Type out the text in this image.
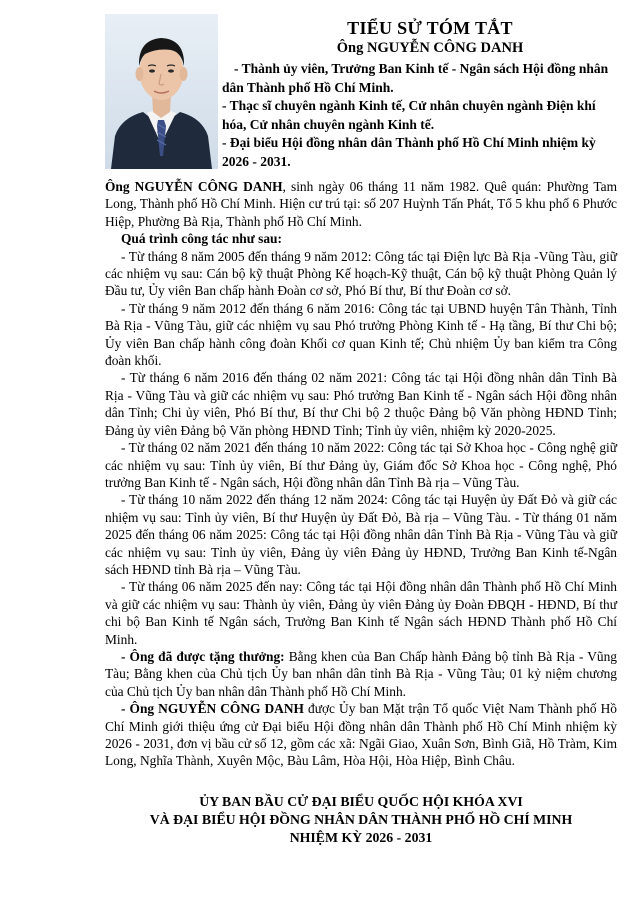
TIỂU SỬ TÓM TẮT
Ông NGUYỄN CÔNG DANH

- Thành ủy viên, Trưởng Ban Kinh tế - Ngân sách Hội đồng nhân dân Thành phố Hồ Chí Minh.

- Thạc sĩ chuyên ngành Kinh tế, Cử nhân chuyên ngành Điện khí hóa, Cử nhân chuyên ngành Kinh tế.

- Đại biểu Hội đồng nhân dân Thành phố Hồ Chí Minh nhiệm kỳ 2026 - 2031.

Ông NGUYỄN CÔNG DANH, sinh ngày 06 tháng 11 năm 1982. Quê quán: Phường Tam Long, Thành phố Hồ Chí Minh. Hiện cư trú tại: số 207 Huỳnh Tấn Phát, Tổ 5 khu phố 6 Phước Hiệp, Phường Bà Rịa, Thành phố Hồ Chí Minh.

Quá trình công tác như sau:

- Từ tháng 8 năm 2005 đến tháng 9 năm 2012: Công tác tại Điện lực Bà Rịa -Vũng Tàu, giữ các nhiệm vụ sau: Cán bộ kỹ thuật Phòng Kế hoạch-Kỹ thuật, Cán bộ kỹ thuật Phòng Quản lý Đầu tư, Ủy viên Ban chấp hành Đoàn cơ sở, Phó Bí thư, Bí thư Đoàn cơ sở.

- Từ tháng 9 năm 2012 đến tháng 6 năm 2016: Công tác tại UBND huyện Tân Thành, Tỉnh Bà Rịa - Vũng Tàu, giữ các nhiệm vụ sau Phó trưởng Phòng Kinh tế - Hạ tầng, Bí thư Chi bộ; Ủy viên Ban chấp hành công đoàn Khối cơ quan Kinh tế; Chủ nhiệm Ủy ban kiểm tra Công đoàn khối.

- Từ tháng 6 năm 2016 đến tháng 02 năm 2021: Công tác tại Hội đồng nhân dân Tỉnh Bà Rịa - Vũng Tàu và giữ các nhiệm vụ sau: Phó trưởng Ban Kinh tế - Ngân sách Hội đồng nhân dân Tỉnh; Chi ủy viên, Phó Bí thư, Bí thư Chi bộ 2 thuộc Đảng bộ Văn phòng HĐND Tỉnh; Đảng ủy viên Đảng bộ Văn phòng HĐND Tỉnh; Tỉnh ủy viên, nhiệm kỳ 2020-2025.

- Từ tháng 02 năm 2021 đến tháng 10 năm 2022: Công tác tại Sở Khoa học - Công nghệ giữ các nhiệm vụ sau: Tỉnh ủy viên, Bí thư Đảng ủy, Giám đốc Sở Khoa học - Công nghệ, Phó trưởng Ban Kinh tế - Ngân sách, Hội đồng nhân dân Tỉnh Bà rịa – Vũng Tàu.

- Từ tháng 10 năm 2022 đến tháng 12 năm 2024: Công tác tại Huyện ủy Đất Đỏ và giữ các nhiệm vụ sau: Tỉnh ủy viên, Bí thư Huyện ủy Đất Đỏ, Bà rịa – Vũng Tàu. - Từ tháng 01 năm 2025 đến tháng 06 năm 2025: Công tác tại Hội đồng nhân dân Tỉnh Bà Rịa - Vũng Tàu và giữ các nhiệm vụ sau: Tỉnh ủy viên, Đảng ủy viên Đảng ủy HĐND, Trưởng Ban Kinh tế-Ngân sách HĐND tỉnh Bà rịa – Vũng Tàu.

- Từ tháng 06 năm 2025 đến nay: Công tác tại Hội đồng nhân dân Thành phố Hồ Chí Minh và giữ các nhiệm vụ sau: Thành ủy viên, Đảng ủy viên Đảng ủy Đoàn ĐBQH - HĐND, Bí thư chi bộ Ban Kinh tế Ngân sách, Trưởng Ban Kinh tế Ngân sách HĐND Thành phố Hồ Chí Minh.

- Ông đã được tặng thưởng: Bằng khen của Ban Chấp hành Đảng bộ tỉnh Bà Rịa - Vũng Tàu; Bằng khen của Chủ tịch Ủy ban nhân dân tỉnh Bà Rịa - Vũng Tàu; 01 kỷ niệm chương của Chủ tịch Ủy ban nhân dân Thành phố Hồ Chí Minh.

- Ông NGUYỄN CÔNG DANH được Ủy ban Mặt trận Tổ quốc Việt Nam Thành phố Hồ Chí Minh giới thiệu ứng cử Đại biểu Hội đồng nhân dân Thành phố Hồ Chí Minh nhiệm kỳ 2026 - 2031, đơn vị bầu cử số 12, gồm các xã: Ngãi Giao, Xuân Sơn, Bình Giã, Hồ Tràm, Kim Long, Nghĩa Thành, Xuyên Mộc, Bàu Lâm, Hòa Hội, Hòa Hiệp, Bình Châu.

ỦY BAN BẦU CỬ ĐẠI BIỂU QUỐC HỘI KHÓA XVI
VÀ ĐẠI BIỂU HỘI ĐỒNG NHÂN DÂN THÀNH PHỐ HỒ CHÍ MINH
NHIỆM KỲ 2026 - 2031
